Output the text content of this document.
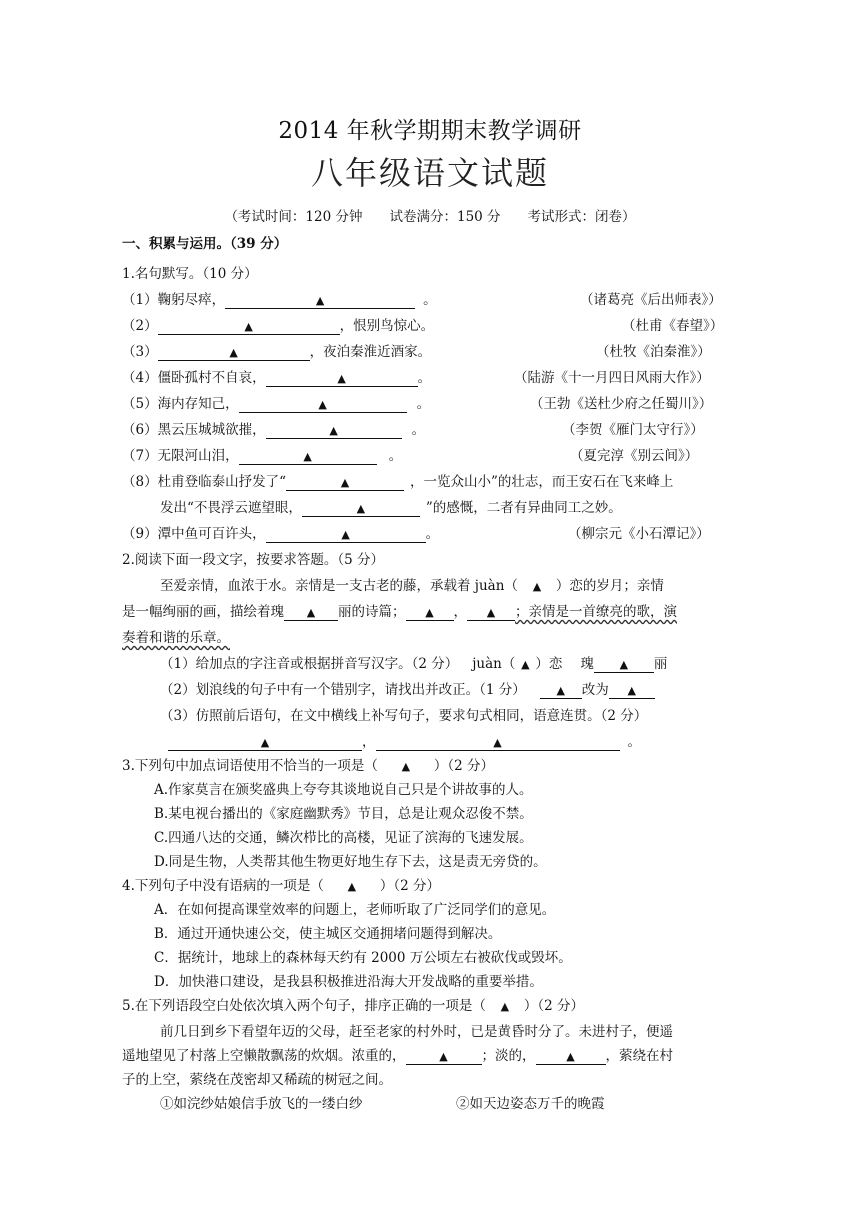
2014 年秋学期期末教学调研
八年级语文试题
（考试时间：120 分钟　　试卷满分：150 分　　考试形式：闭卷）
一、积累与运用。（39 分）
1.名句默写。（10 分）
（1）鞠躬尽瘁，	▲	。	（诸葛亮《后出师表》）
（2）	▲	，恨别鸟惊心。	（杜甫《春望》）
（3）	▲	，夜泊秦淮近酒家。	（杜牧《泊秦淮》）
（4）僵卧孤村不自哀，	▲	。	（陆游《十一月四日风雨大作》）
（5）海内存知己，	▲	。	（王勃《送杜少府之任蜀川》）
（6）黑云压城城欲摧，	▲	。	（李贺《雁门太守行》）
（7）无限河山泪，	▲	。	（夏完淳《别云间》）
（8）杜甫登临泰山抒发了“	▲	，一览众山小”的壮志，而王安石在飞来峰上
发出“不畏浮云遮望眼，	▲	”的感慨，二者有异曲同工之妙。
（9）潭中鱼可百许头，	▲	。	（柳宗元《小石潭记》）
2.阅读下面一段文字，按要求答题。（5 分）
至爱亲情，血浓于水。亲情是一支古老的藤，承载着 juàn（ ▲ ）恋的岁月；亲情
是一幅绚丽的画，描绘着瑰 ▲ 丽的诗篇； ▲ ， ▲ ；亲情是一首缭亮的歌，演
奏着和谐的乐章。
（1）给加点的字注音或根据拼音写汉字。（2 分） juàn（ ▲ ）恋 瑰 ▲ 丽
（2）划浪线的句子中有一个错别字，请找出并改正。（1 分）	▲ 改为 ▲
（3）仿照前后语句，在文中横线上补写句子，要求句式相同，语意连贯。（2 分）
▲	，	▲	。
3.下列句中加点词语使用不恰当的一项是（ ▲ ）（2 分）
A.作家莫言在颁奖盛典上夸夸其谈地说自己只是个讲故事的人。
B.某电视台播出的《家庭幽默秀》节目，总是让观众忍俊不禁。
C.四通八达的交通，鳞次栉比的高楼，见证了滨海的飞速发展。
D.同是生物，人类帮其他生物更好地生存下去，这是责无旁贷的。
4.下列句子中没有语病的一项是（ ▲ ）（2 分）
A．在如何提高课堂效率的问题上，老师听取了广泛同学们的意见。
B．通过开通快速公交，使主城区交通拥堵问题得到解决。
C．据统计，地球上的森林每天约有 2000 万公顷左右被砍伐或毁坏。
D．加快港口建设，是我县积极推进沿海大开发战略的重要举措。
5.在下列语段空白处依次填入两个句子，排序正确的一项是（ ▲ ）（2 分）
前几日到乡下看望年迈的父母，赶至老家的村外时，已是黄昏时分了。未进村子，便遥
遥地望见了村落上空懒散飘荡的炊烟。浓重的，	▲	；淡的，	▲ ，萦绕在村
子的上空，萦绕在茂密却又稀疏的树冠之间。
①如浣纱姑娘信手放飞的一缕白纱	②如天边姿态万千的晚霞
